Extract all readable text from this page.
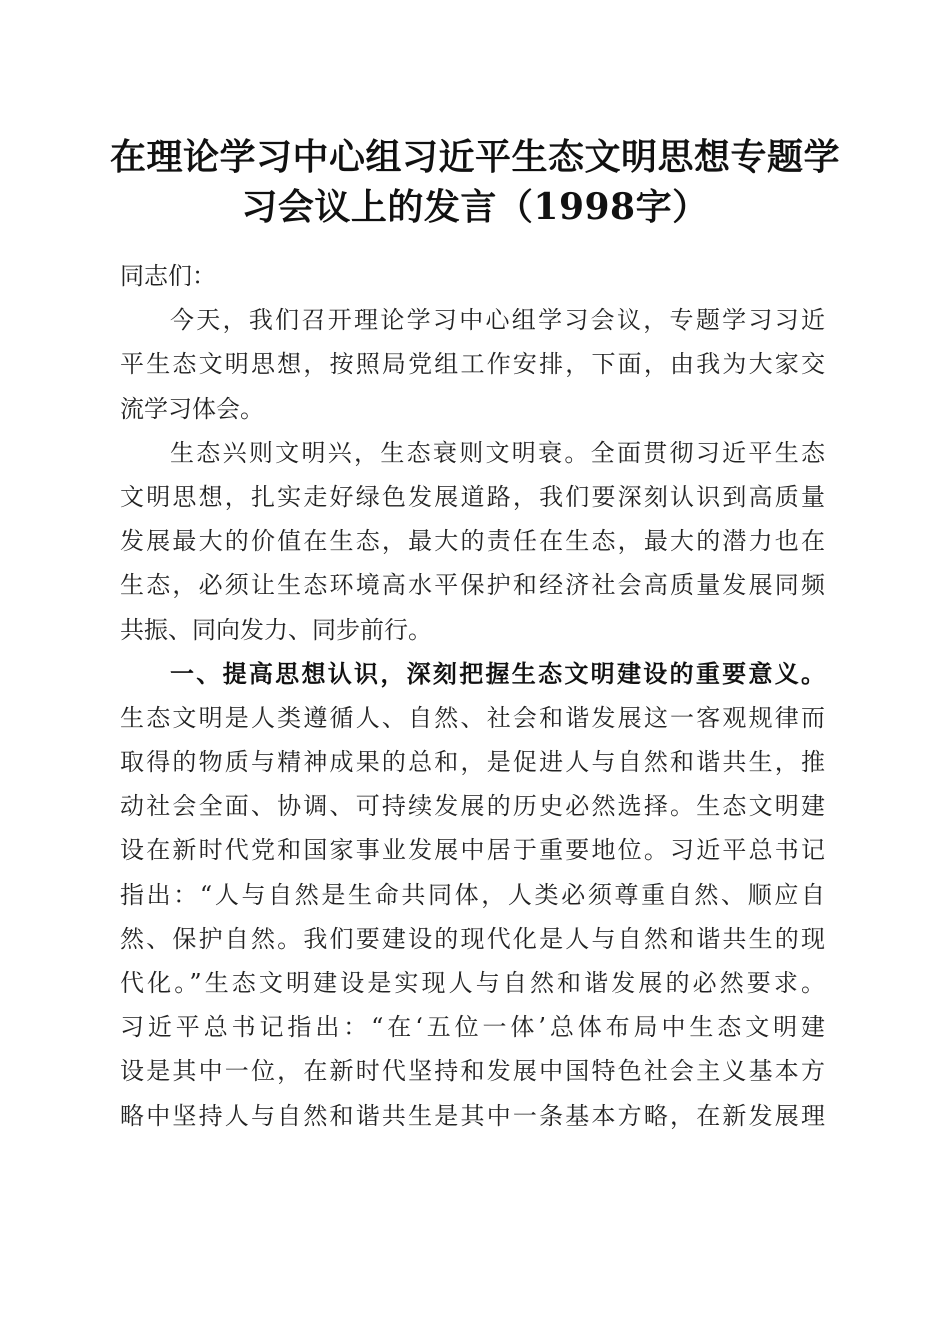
在理论学习中心组习近平生态文明思想专题学
习会议上的发言（1998字）
同志们：
今天，我们召开理论学习中心组学习会议，专题学习习近
平生态文明思想，按照局党组工作安排，下面，由我为大家交
流学习体会。
生态兴则文明兴，生态衰则文明衰。全面贯彻习近平生态
文明思想，扎实走好绿色发展道路，我们要深刻认识到高质量
发展最大的价值在生态，最大的责任在生态，最大的潜力也在
生态，必须让生态环境高水平保护和经济社会高质量发展同频
共振、同向发力、同步前行。
一、提高思想认识，深刻把握生态文明建设的重要意义。
生态文明是人类遵循人、自然、社会和谐发展这一客观规律而
取得的物质与精神成果的总和，是促进人与自然和谐共生，推
动社会全面、协调、可持续发展的历史必然选择。生态文明建
设在新时代党和国家事业发展中居于重要地位。习近平总书记
指出：“人与自然是生命共同体，人类必须尊重自然、顺应自
然、保护自然。我们要建设的现代化是人与自然和谐共生的现
代化。”生态文明建设是实现人与自然和谐发展的必然要求。
习近平总书记指出：“在‘五位一体’总体布局中生态文明建
设是其中一位，在新时代坚持和发展中国特色社会主义基本方
略中坚持人与自然和谐共生是其中一条基本方略，在新发展理
